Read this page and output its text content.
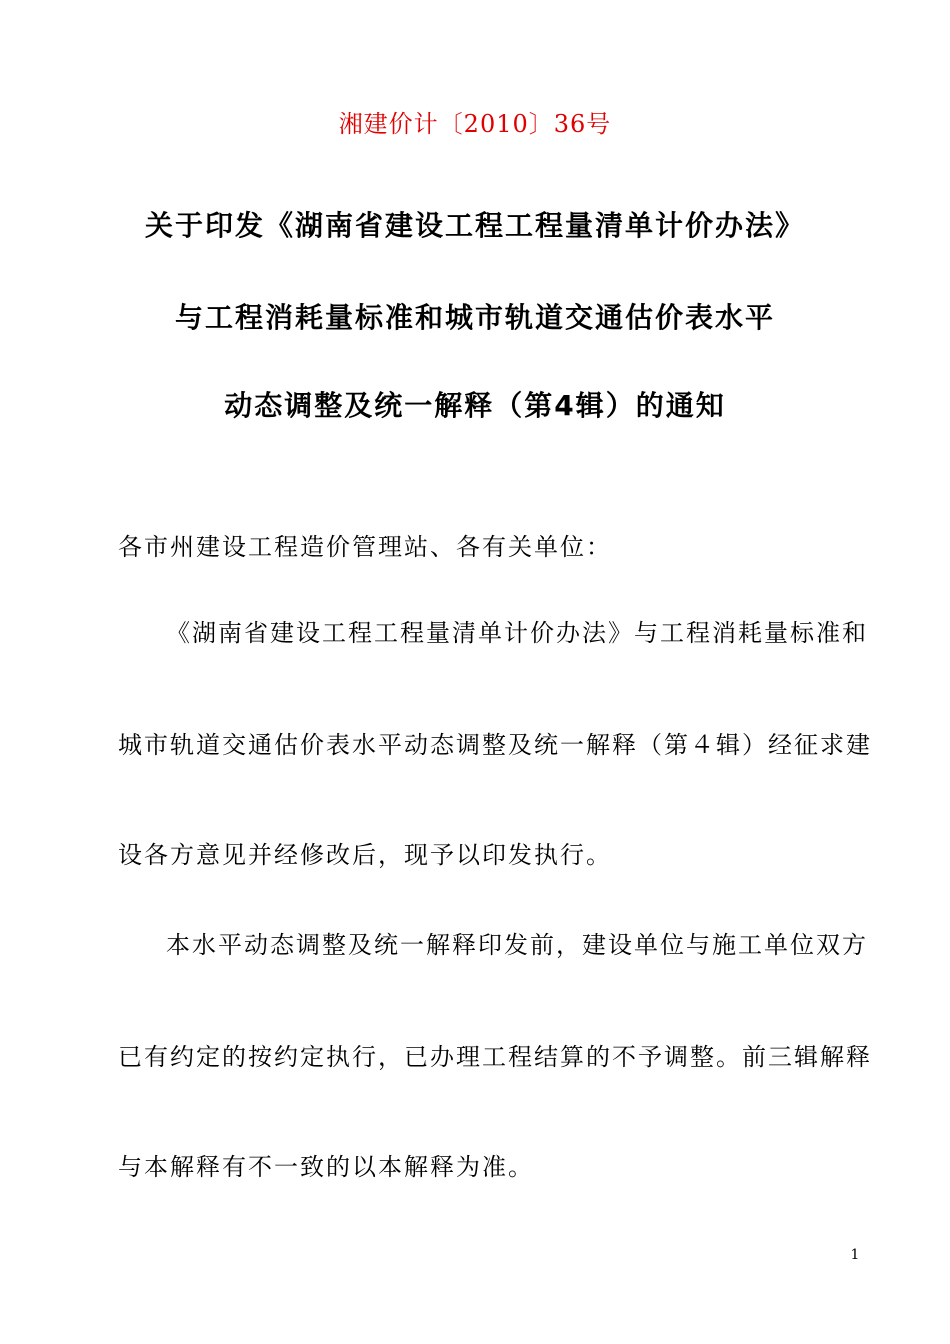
湘建价计〔2010〕36号
关于印发《湖南省建设工程工程量清单计价办法》
与工程消耗量标准和城市轨道交通估价表水平
动态调整及统一解释（第4辑）的通知
各市州建设工程造价管理站、各有关单位：
《湖南省建设工程工程量清单计价办法》与工程消耗量标准和
城市轨道交通估价表水平动态调整及统一解释（第４辑）经征求建
设各方意见并经修改后，现予以印发执行。
本水平动态调整及统一解释印发前，建设单位与施工单位双方
已有约定的按约定执行，已办理工程结算的不予调整。前三辑解释
与本解释有不一致的以本解释为准。
1
